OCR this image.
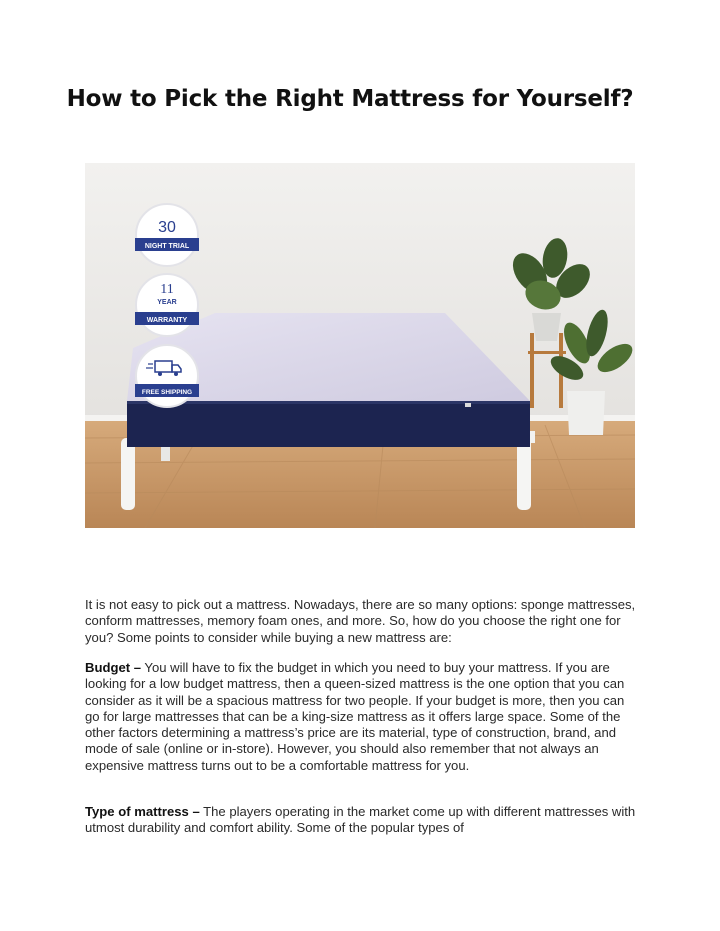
How to Pick the Right Mattress for Yourself?
30
NIGHT TRIAL
11
YEAR
WARRANTY
FREE SHIPPING

It is not easy to pick out a mattress. Nowadays, there are so many options: sponge mattresses, conform mattresses, memory foam ones, and more. So, how do you choose the right one for you? Some points to consider while buying a new mattress are:

Budget – You will have to fix the budget in which you need to buy your mattress. If you are looking for a low budget mattress, then a queen-sized mattress is the one option that you can consider as it will be a spacious mattress for two people. If your budget is more, then you can go for large mattresses that can be a king-size mattress as it offers large space. Some of the other factors determining a mattress’s price are its material, type of construction, brand, and mode of sale (online or in-store). However, you should also remember that not always an expensive mattress turns out to be a comfortable mattress for you.

Type of mattress – The players operating in the market come up with different mattresses with utmost durability and comfort ability. Some of the popular types of
